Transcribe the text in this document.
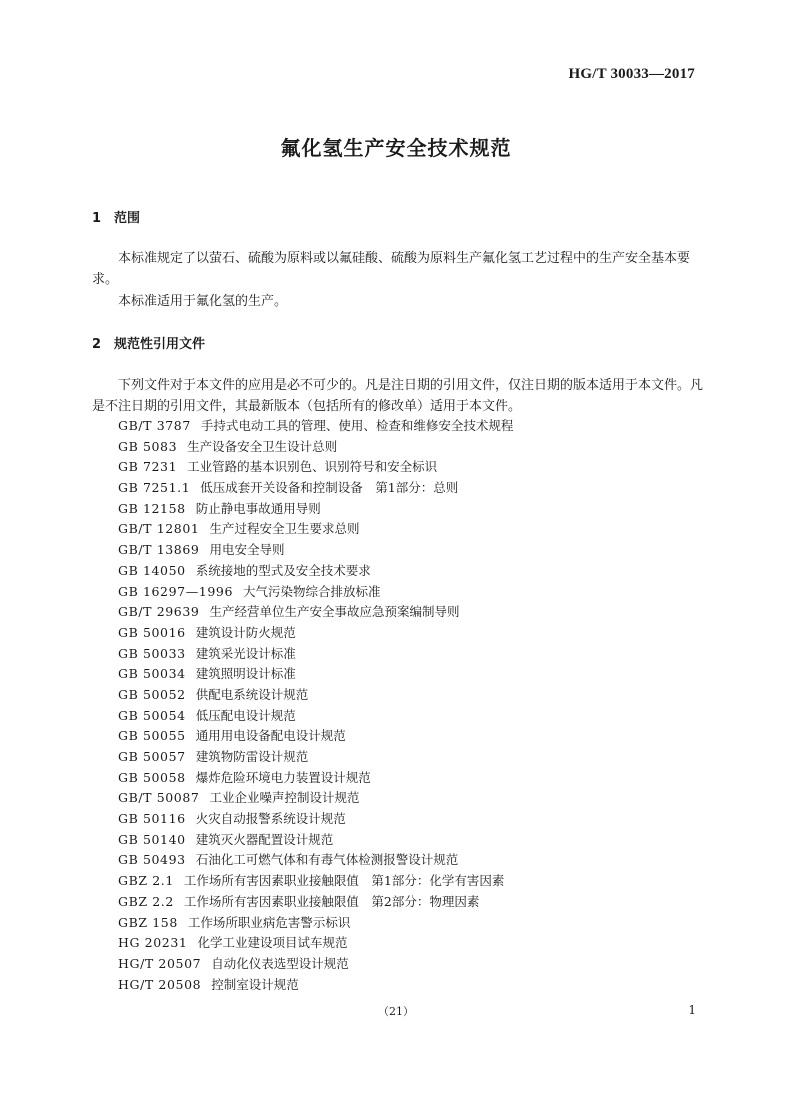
HG/T 30033—2017
氟化氢生产安全技术规范
1 范围

本标准规定了以萤石、硫酸为原料或以氟硅酸、硫酸为原料生产氟化氢工艺过程中的生产安全基本要求。

本标准适用于氟化氢的生产。

2 规范性引用文件

下列文件对于本文件的应用是必不可少的。凡是注日期的引用文件，仅注日期的版本适用于本文件。凡是不注日期的引用文件，其最新版本（包括所有的修改单）适用于本文件。

GB/T 3787 手持式电动工具的管理、使用、检查和维修安全技术规程
GB 5083 生产设备安全卫生设计总则
GB 7231 工业管路的基本识别色、识别符号和安全标识
GB 7251.1 低压成套开关设备和控制设备　第1部分：总则
GB 12158 防止静电事故通用导则
GB/T 12801 生产过程安全卫生要求总则
GB/T 13869 用电安全导则
GB 14050 系统接地的型式及安全技术要求
GB 16297—1996 大气污染物综合排放标准
GB/T 29639 生产经营单位生产安全事故应急预案编制导则
GB 50016 建筑设计防火规范
GB 50033 建筑采光设计标准
GB 50034 建筑照明设计标准
GB 50052 供配电系统设计规范
GB 50054 低压配电设计规范
GB 50055 通用用电设备配电设计规范
GB 50057 建筑物防雷设计规范
GB 50058 爆炸危险环境电力装置设计规范
GB/T 50087 工业企业噪声控制设计规范
GB 50116 火灾自动报警系统设计规范
GB 50140 建筑灭火器配置设计规范
GB 50493 石油化工可燃气体和有毒气体检测报警设计规范
GBZ 2.1 工作场所有害因素职业接触限值　第1部分：化学有害因素
GBZ 2.2 工作场所有害因素职业接触限值　第2部分：物理因素
GBZ 158 工作场所职业病危害警示标识
HG 20231 化学工业建设项目试车规范
HG/T 20507 自动化仪表选型设计规范
HG/T 20508 控制室设计规范
（21）	1
